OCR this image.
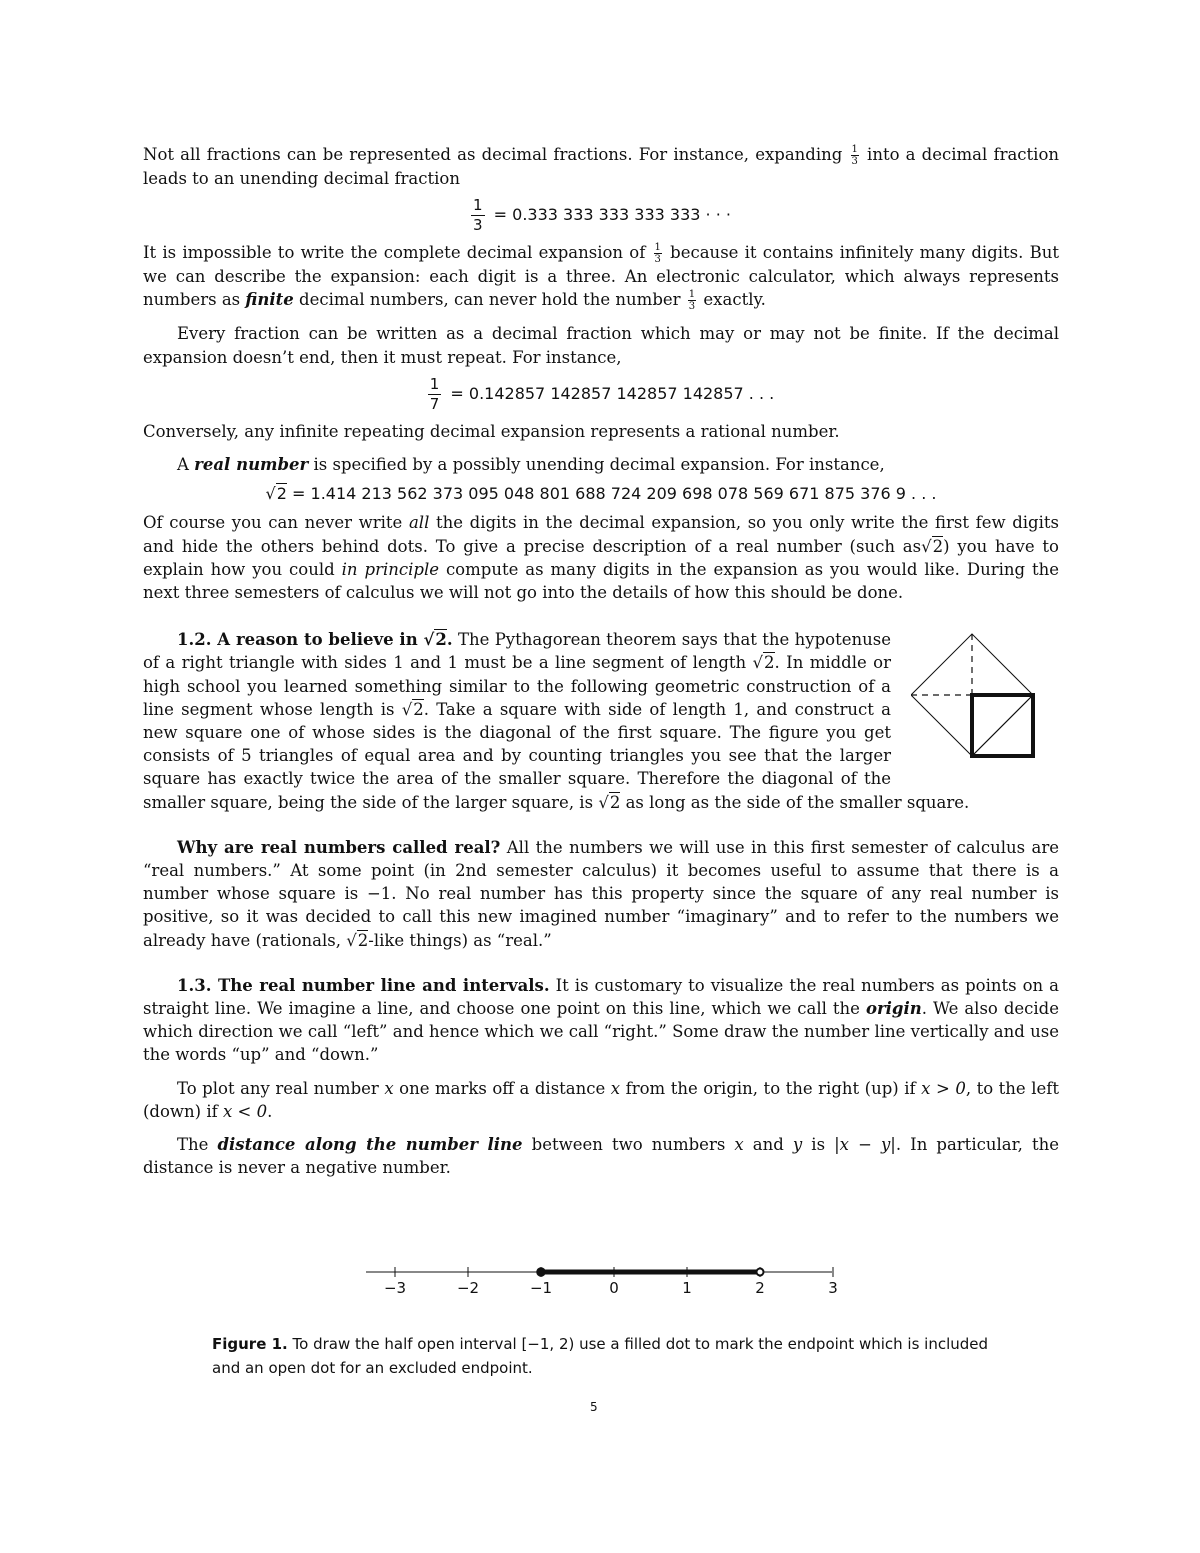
Not all fractions can be represented as decimal fractions. For instance, expanding $\frac{1}{3}$ into a decimal fraction leads to an unending decimal fraction

$\frac{1}{3} = 0.333$ 333 333 333 333 · · ·

It is impossible to write the complete decimal expansion of $\frac{1}{3}$ because it contains infinitely many digits. But we can describe the expansion: each digit is a three. An electronic calculator, which always represents numbers as finite decimal numbers, can never hold the number $\frac{1}{3}$ exactly.

Every fraction can be written as a decimal fraction which may or may not be finite. If the decimal expansion doesn’t end, then it must repeat. For instance,

$\frac{1}{7} = 0.142857$ 142857 142857 142857 . . .

Conversely, any infinite repeating decimal expansion represents a rational number.

A real number is specified by a possibly unending decimal expansion. For instance,

√2 = 1.414 213 562 373 095 048 801 688 724 209 698 078 569 671 875 376 9 . . .

Of course you can never write all the digits in the decimal expansion, so you only write the first few digits and hide the others behind dots. To give a precise description of a real number (such as√2) you have to explain how you could in principle compute as many digits in the expansion as you would like. During the next three semesters of calculus we will not go into the details of how this should be done.

1.2. A reason to believe in √2. The Pythagorean theorem says that the hypotenuse of a right triangle with sides 1 and 1 must be a line segment of length √2. In middle or high school you learned something similar to the following geometric construction of a line segment whose length is √2. Take a square with side of length 1, and construct a new square one of whose sides is the diagonal of the first square. The figure you get consists of 5 triangles of equal area and by counting triangles you see that the larger square has exactly twice the area of the smaller square. Therefore the diagonal of the smaller square, being the side of the larger square, is √2 as long as the side of the smaller square.

Why are real numbers called real? All the numbers we will use in this first semester of calculus are “real numbers.” At some point (in 2nd semester calculus) it becomes useful to assume that there is a number whose square is −1. No real number has this property since the square of any real number is positive, so it was decided to call this new imagined number “imaginary” and to refer to the numbers we already have (rationals, √2-like things) as “real.”

1.3. The real number line and intervals. It is customary to visualize the real numbers as points on a straight line. We imagine a line, and choose one point on this line, which we call the origin. We also decide which direction we call “left” and hence which we call “right.” Some draw the number line vertically and use the words “up” and “down.”

To plot any real number x one marks off a distance x from the origin, to the right (up) if x > 0, to the left (down) if x < 0.

The distance along the number line between two numbers x and y is |x − y|. In particular, the distance is never a negative number.

−3	−2	−1	0	1	2	3
Figure 1. To draw the half open interval [−1, 2) use a filled dot to mark the endpoint which is included and an open dot for an excluded endpoint.
5
